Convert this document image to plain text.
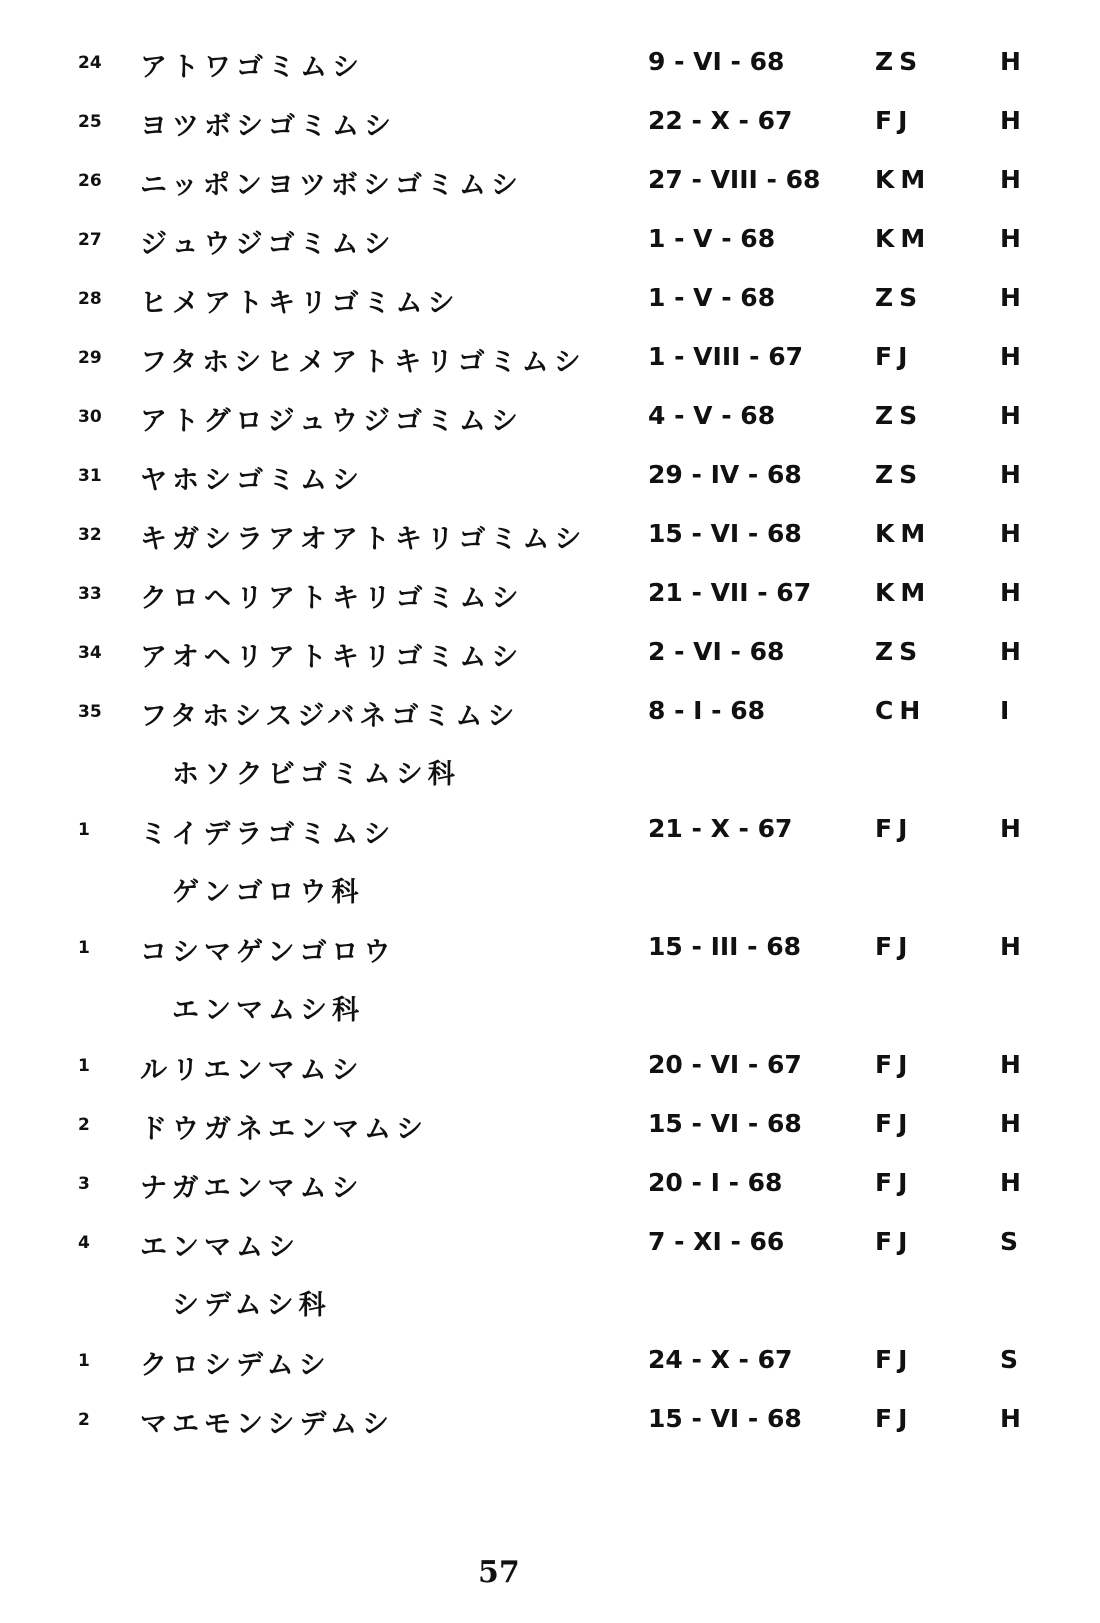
24	アトワゴミムシ	9 - VI - 68	ZS	H
25	ヨツボシゴミムシ	22 - X - 67	FJ	H
26	ニッポンヨツボシゴミムシ	27 - VIII - 68 KM	H
27	ジュウジゴミムシ	1 - V - 68	KM	H
28	ヒメアトキリゴミムシ	1 - V - 68	ZS	H
29	フタホシヒメアトキリゴミムシ 1 - VIII - 67	FJ	H
30	アトグロジュウジゴミムシ	4 - V - 68	ZS	H
31	ヤホシゴミムシ	29 - IV - 68	ZS	H
32	キガシラアオアトキリゴミムシ 15 - VI - 68	KM	H
33	クロヘリアトキリゴミムシ	21 - VII - 67	KM	H
34	アオヘリアトキリゴミムシ	2 - VI - 68	ZS	H
35	フタホシスジバネゴミムシ	8 - I - 68	CH	I
ホソクビゴミムシ科
1	ミイデラゴミムシ	21 - X - 67	FJ	H
ゲンゴロウ科
1	コシマゲンゴロウ	15 - III - 68	FJ	H
エンマムシ科
1	ルリエンマムシ	20 - VI - 67	FJ	H
2	ドウガネエンマムシ	15 - VI - 68	FJ	H
3	ナガエンマムシ	20 - I - 68	FJ	H
4	エンマムシ	7 - XI - 66	FJ	S
シデムシ科
1	クロシデムシ	24 - X - 67	FJ	S
2	マエモンシデムシ	15 - VI - 68	FJ	H
57
